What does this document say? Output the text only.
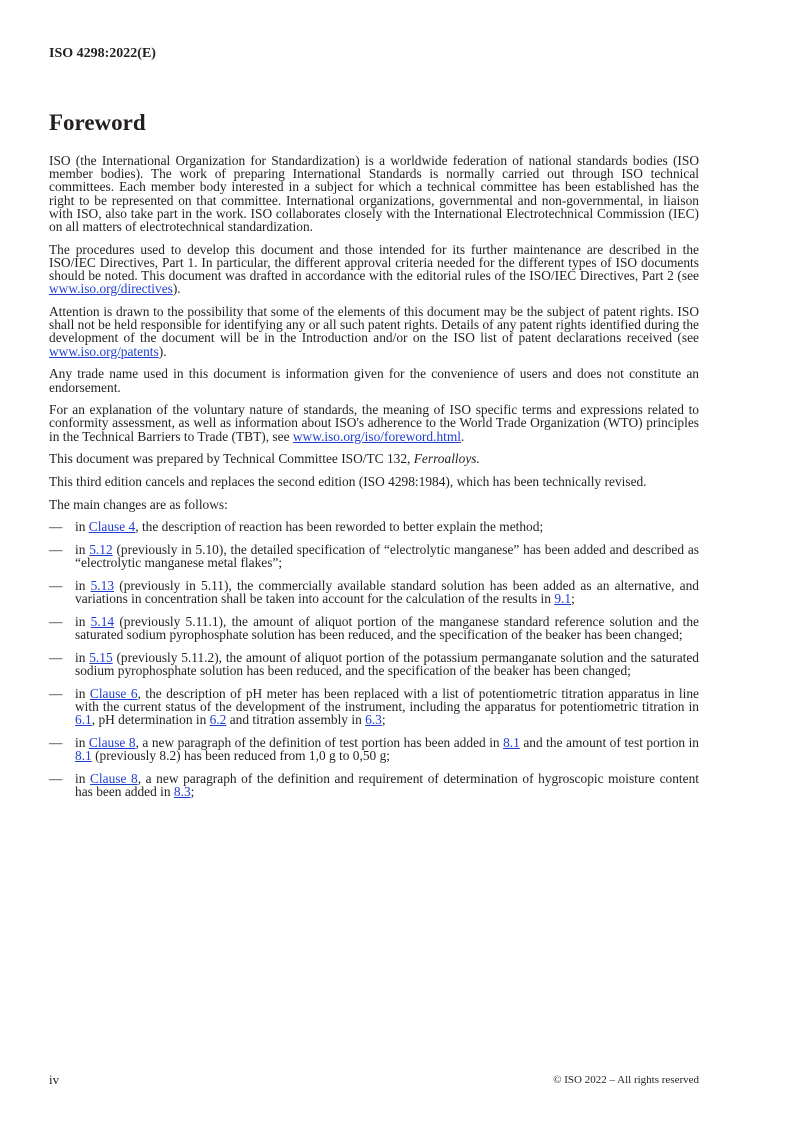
ISO 4298:2022(E)
Foreword

ISO (the International Organization for Standardization) is a worldwide federation of national standards bodies (ISO member bodies). The work of preparing International Standards is normally carried out through ISO technical committees. Each member body interested in a subject for which a technical committee has been established has the right to be represented on that committee. International organizations, governmental and non-governmental, in liaison with ISO, also take part in the work. ISO collaborates closely with the International Electrotechnical Commission (IEC) on all matters of electrotechnical standardization.

The procedures used to develop this document and those intended for its further maintenance are described in the ISO/IEC Directives, Part 1. In particular, the different approval criteria needed for the different types of ISO documents should be noted. This document was drafted in accordance with the editorial rules of the ISO/IEC Directives, Part 2 (see www.iso.org/directives).

Attention is drawn to the possibility that some of the elements of this document may be the subject of patent rights. ISO shall not be held responsible for identifying any or all such patent rights. Details of any patent rights identified during the development of the document will be in the Introduction and/or on the ISO list of patent declarations received (see www.iso.org/patents).

Any trade name used in this document is information given for the convenience of users and does not constitute an endorsement.

For an explanation of the voluntary nature of standards, the meaning of ISO specific terms and expressions related to conformity assessment, as well as information about ISO's adherence to the World Trade Organization (WTO) principles in the Technical Barriers to Trade (TBT), see www.iso.org/iso/foreword.html.

This document was prepared by Technical Committee ISO/TC 132, Ferroalloys.

This third edition cancels and replaces the second edition (ISO 4298:1984), which has been technically revised.

The main changes are as follows:

— in Clause 4, the description of reaction has been reworded to better explain the method;
— in 5.12 (previously in 5.10), the detailed specification of “electrolytic manganese” has been added and described as “electrolytic manganese metal flakes”;
— in 5.13 (previously in 5.11), the commercially available standard solution has been added as an alternative, and variations in concentration shall be taken into account for the calculation of the results in 9.1;
— in 5.14 (previously 5.11.1), the amount of aliquot portion of the manganese standard reference solution and the saturated sodium pyrophosphate solution has been reduced, and the specification of the beaker has been changed;
— in 5.15 (previously 5.11.2), the amount of aliquot portion of the potassium permanganate solution and the saturated sodium pyrophosphate solution has been reduced, and the specification of the beaker has been changed;
— in Clause 6, the description of pH meter has been replaced with a list of potentiometric titration apparatus in line with the current status of the development of the instrument, including the apparatus for potentiometric titration in 6.1, pH determination in 6.2 and titration assembly in 6.3;
— in Clause 8, a new paragraph of the definition of test portion has been added in 8.1 and the amount of test portion in 8.1 (previously 8.2) has been reduced from 1,0 g to 0,50 g;
— in Clause 8, a new paragraph of the definition and requirement of determination of hygroscopic moisture content has been added in 8.3;
iv	© ISO 2022 – All rights reserved
